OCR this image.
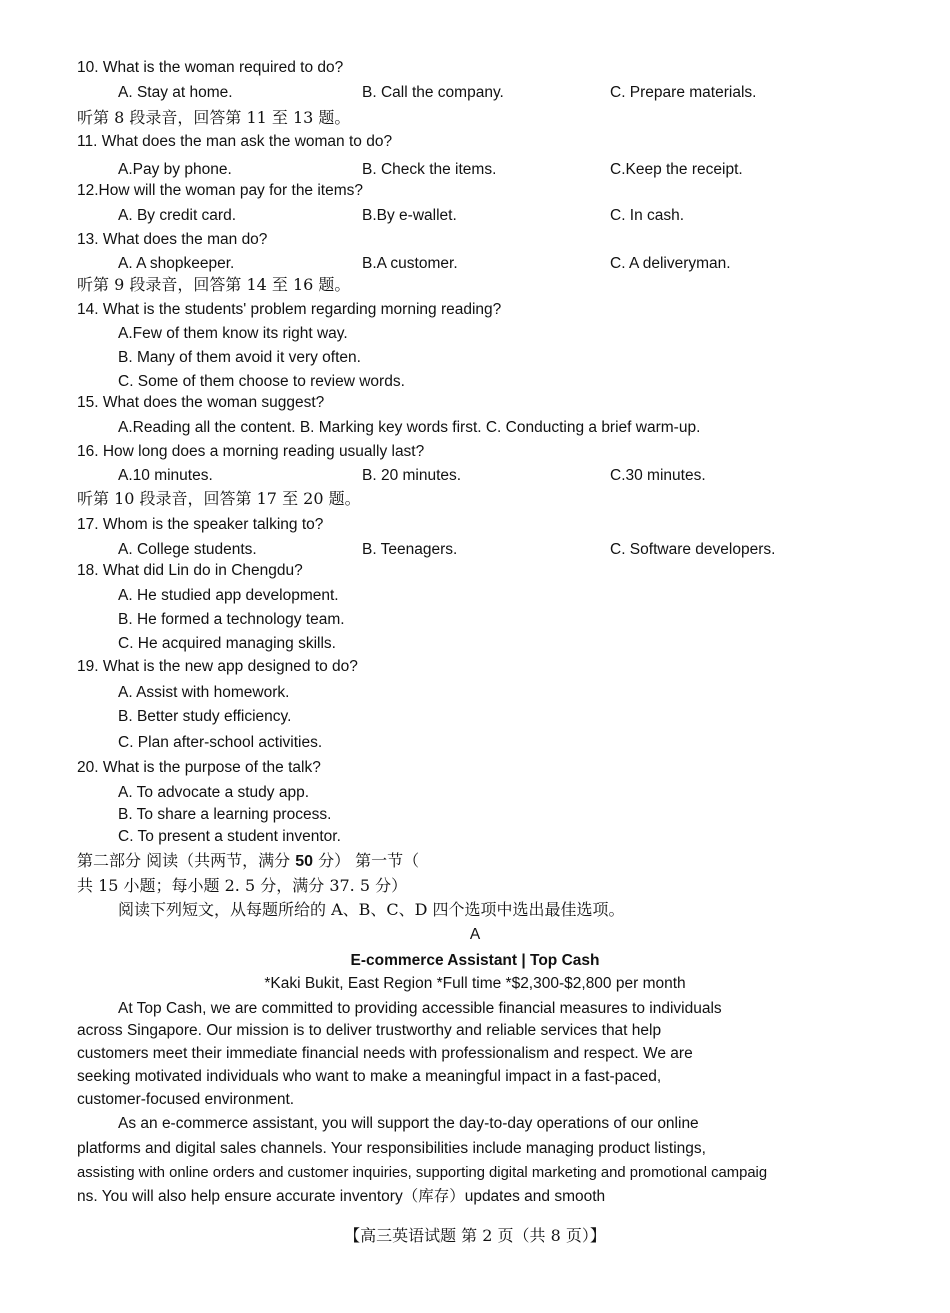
10. What is the woman required to do?
A. Stay at home.	B. Call the company.	C. Prepare materials.
听第 8 段录音，回答第 11 至 13 题。
11. What does the man ask the woman to do?
A.Pay by phone.	B. Check the items.	C.Keep the receipt.
12.How will the woman pay for the items?
A. By credit card.	B.By e-wallet.	C. In cash.
13. What does the man do?
A. A shopkeeper.	B.A customer.	C. A deliveryman.
听第 9 段录音，回答第 14 至 16 题。
14. What is the students' problem regarding morning reading?
A.Few of them know its right way.
B. Many of them avoid it very often.
C. Some of them choose to review words.
15. What does the woman suggest?
A.Reading all the content. B. Marking key words first. C. Conducting a brief warm-up.
16. How long does a morning reading usually last?
A.10 minutes.	B. 20 minutes.	C.30 minutes.
听第 10 段录音，回答第 17 至 20 题。
17. Whom is the speaker talking to?
A. College students.	B. Teenagers.	C. Software developers.
18. What did Lin do in Chengdu?
A. He studied app development.
B. He formed a technology team.
C. He acquired managing skills.
19. What is the new app designed to do?
A. Assist with homework.
B. Better study efficiency.
C. Plan after-school activities.
20. What is the purpose of the talk?
A. To advocate a study app.
B. To share a learning process.
C. To present a student inventor.
第二部分 阅读（共两节，满分 50 分） 第一节（
共 15 小题；每小题 2. 5 分，满分 37. 5 分）
阅读下列短文，从每题所给的 A、B、C、D 四个选项中选出最佳选项。
A
E-commerce Assistant | Top Cash
*Kaki Bukit, East Region *Full time *$2,300-$2,800 per month
At Top Cash, we are committed to providing accessible financial measures to individuals
across Singapore. Our mission is to deliver trustworthy and reliable services that help
customers meet their immediate financial needs with professionalism and respect. We are
seeking motivated individuals who want to make a meaningful impact in a fast-paced,
customer-focused environment.
As an e-commerce assistant, you will support the day-to-day operations of our online
platforms and digital sales channels. Your responsibilities include managing product listings,
assisting with online orders and customer inquiries, supporting digital marketing and promotional campaig
ns. You will also help ensure accurate inventory（库存）updates and smooth
【高三英语试题 第 2 页（共 8 页）】
